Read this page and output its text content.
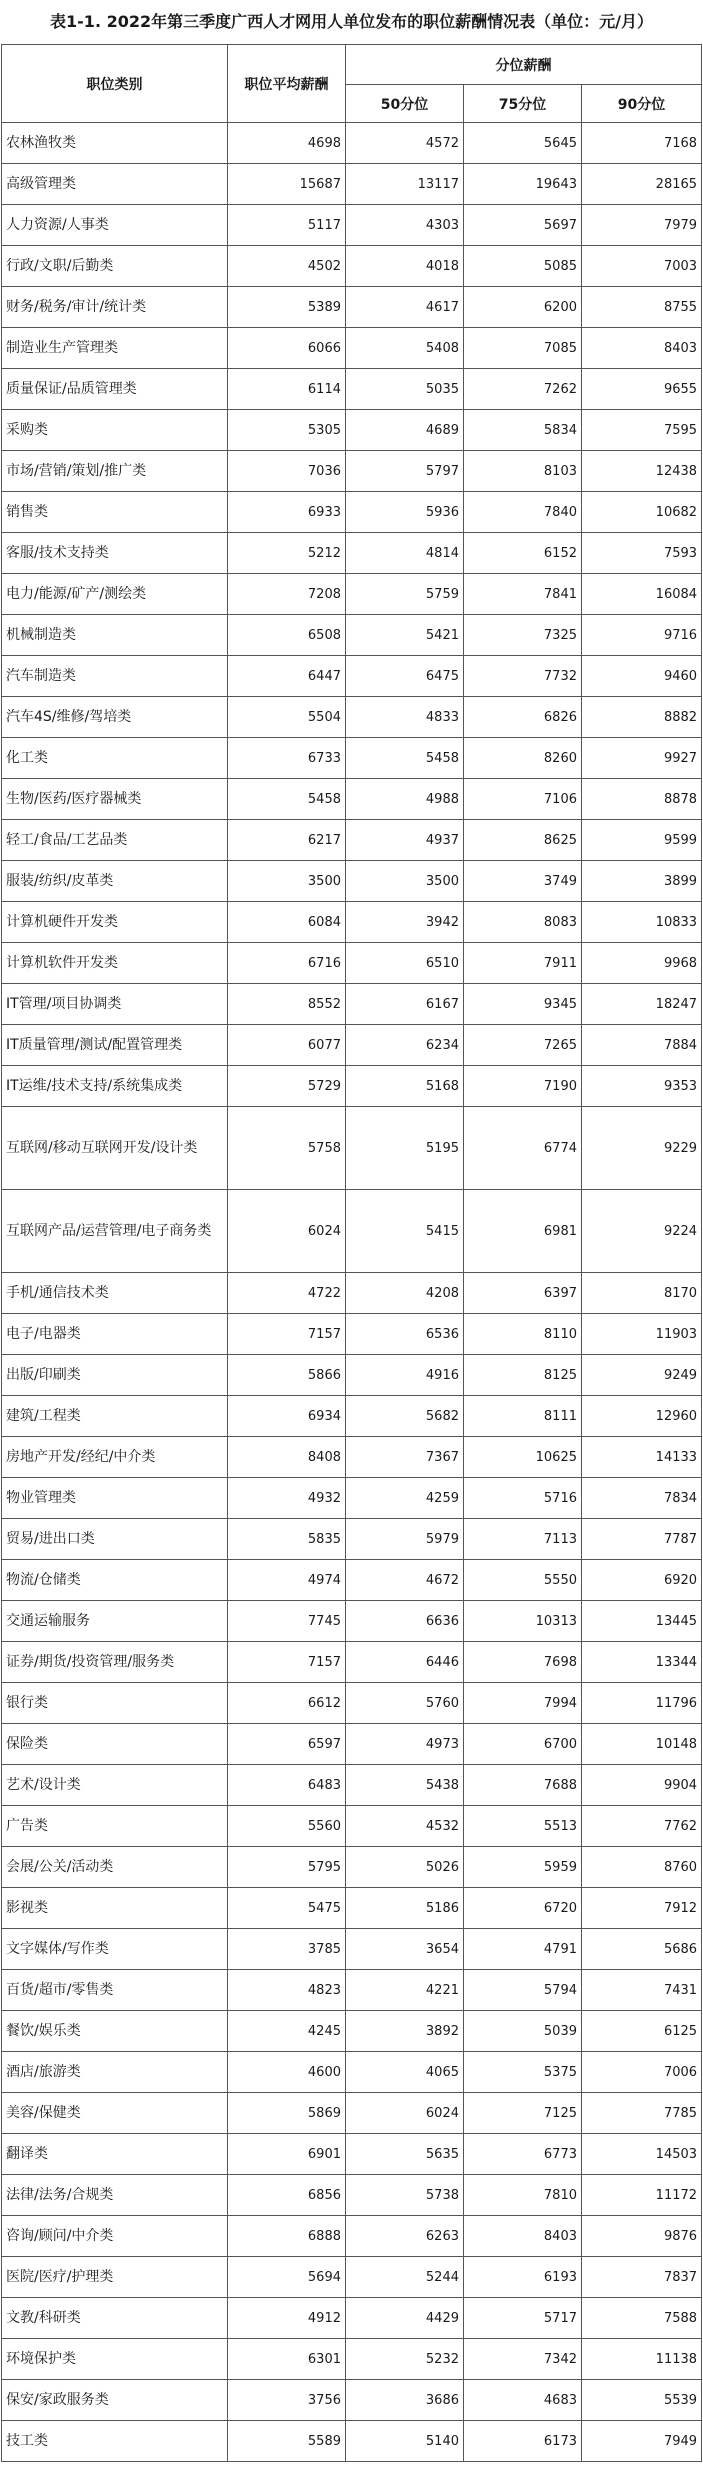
表1-1. 2022年第三季度广西人才网用人单位发布的职位薪酬情况表（单位：元/月）
职位类别	职位平均薪酬	分位薪酬		
		50分位	75分位	90分位
农林渔牧类	4698	4572	5645	7168
高级管理类	15687	13117	19643	28165
人力资源/人事类	5117	4303	5697	7979
行政/文职/后勤类	4502	4018	5085	7003
财务/税务/审计/统计类	5389	4617	6200	8755
制造业生产管理类	6066	5408	7085	8403
质量保证/品质管理类	6114	5035	7262	9655
采购类	5305	4689	5834	7595
市场/营销/策划/推广类	7036	5797	8103	12438
销售类	6933	5936	7840	10682
客服/技术支持类	5212	4814	6152	7593
电力/能源/矿产/测绘类	7208	5759	7841	16084
机械制造类	6508	5421	7325	9716
汽车制造类	6447	6475	7732	9460
汽车4S/维修/驾培类	5504	4833	6826	8882
化工类	6733	5458	8260	9927
生物/医药/医疗器械类	5458	4988	7106	8878
轻工/食品/工艺品类	6217	4937	8625	9599
服装/纺织/皮革类	3500	3500	3749	3899
计算机硬件开发类	6084	3942	8083	10833
计算机软件开发类	6716	6510	7911	9968
IT管理/项目协调类	8552	6167	9345	18247
IT质量管理/测试/配置管理类	6077	6234	7265	7884
IT运维/技术支持/系统集成类	5729	5168	7190	9353
互联网/移动互联网开发/设计类	5758	5195	6774	9229
互联网产品/运营管理/电子商务类	6024	5415	6981	9224
手机/通信技术类	4722	4208	6397	8170
电子/电器类	7157	6536	8110	11903
出版/印刷类	5866	4916	8125	9249
建筑/工程类	6934	5682	8111	12960
房地产开发/经纪/中介类	8408	7367	10625	14133
物业管理类	4932	4259	5716	7834
贸易/进出口类	5835	5979	7113	7787
物流/仓储类	4974	4672	5550	6920
交通运输服务	7745	6636	10313	13445
证券/期货/投资管理/服务类	7157	6446	7698	13344
银行类	6612	5760	7994	11796
保险类	6597	4973	6700	10148
艺术/设计类	6483	5438	7688	9904
广告类	5560	4532	5513	7762
会展/公关/活动类	5795	5026	5959	8760
影视类	5475	5186	6720	7912
文字媒体/写作类	3785	3654	4791	5686
百货/超市/零售类	4823	4221	5794	7431
餐饮/娱乐类	4245	3892	5039	6125
酒店/旅游类	4600	4065	5375	7006
美容/保健类	5869	6024	7125	7785
翻译类	6901	5635	6773	14503
法律/法务/合规类	6856	5738	7810	11172
咨询/顾问/中介类	6888	6263	8403	9876
医院/医疗/护理类	5694	5244	6193	7837
文教/科研类	4912	4429	5717	7588
环境保护类	6301	5232	7342	11138
保安/家政服务类	3756	3686	4683	5539
技工类	5589	5140	6173	7949
